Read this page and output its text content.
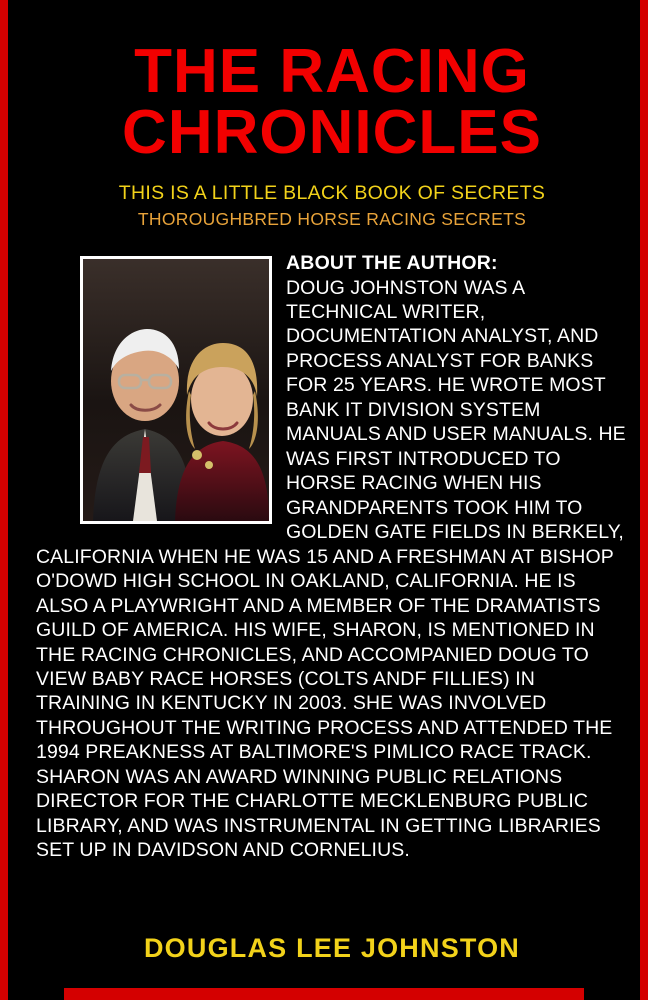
THE RACING
CHRONICLES

THIS IS A LITTLE BLACK BOOK OF SECRETS

THOROUGHBRED HORSE RACING SECRETS

ABOUT THE AUTHOR:
DOUG JOHNSTON WAS A TECHNICAL WRITER, DOCUMENTATION ANALYST, AND PROCESS ANALYST FOR BANKS FOR 25 YEARS. HE WROTE MOST BANK IT DIVISION SYSTEM MANUALS AND USER MANUALS. HE WAS FIRST INTRODUCED TO HORSE RACING WHEN HIS GRANDPARENTS TOOK HIM TO GOLDEN GATE FIELDS IN BERKELY, CALIFORNIA WHEN HE WAS 15 AND A FRESHMAN AT BISHOP O'DOWD HIGH SCHOOL IN OAKLAND, CALIFORNIA. HE IS ALSO A PLAYWRIGHT AND A MEMBER OF THE DRAMATISTS GUILD OF AMERICA. HIS WIFE, SHARON, IS MENTIONED IN THE RACING CHRONICLES, AND ACCOMPANIED DOUG TO VIEW BABY RACE HORSES (COLTS ANDF FILLIES) IN TRAINING IN KENTUCKY IN 2003. SHE WAS INVOLVED THROUGHOUT THE WRITING PROCESS AND ATTENDED THE 1994 PREAKNESS AT BALTIMORE'S PIMLICO RACE TRACK. SHARON WAS AN AWARD WINNING PUBLIC RELATIONS DIRECTOR FOR THE CHARLOTTE MECKLENBURG PUBLIC LIBRARY, AND WAS INSTRUMENTAL IN GETTING LIBRARIES SET UP IN DAVIDSON AND CORNELIUS.
DOUGLAS LEE JOHNSTON
